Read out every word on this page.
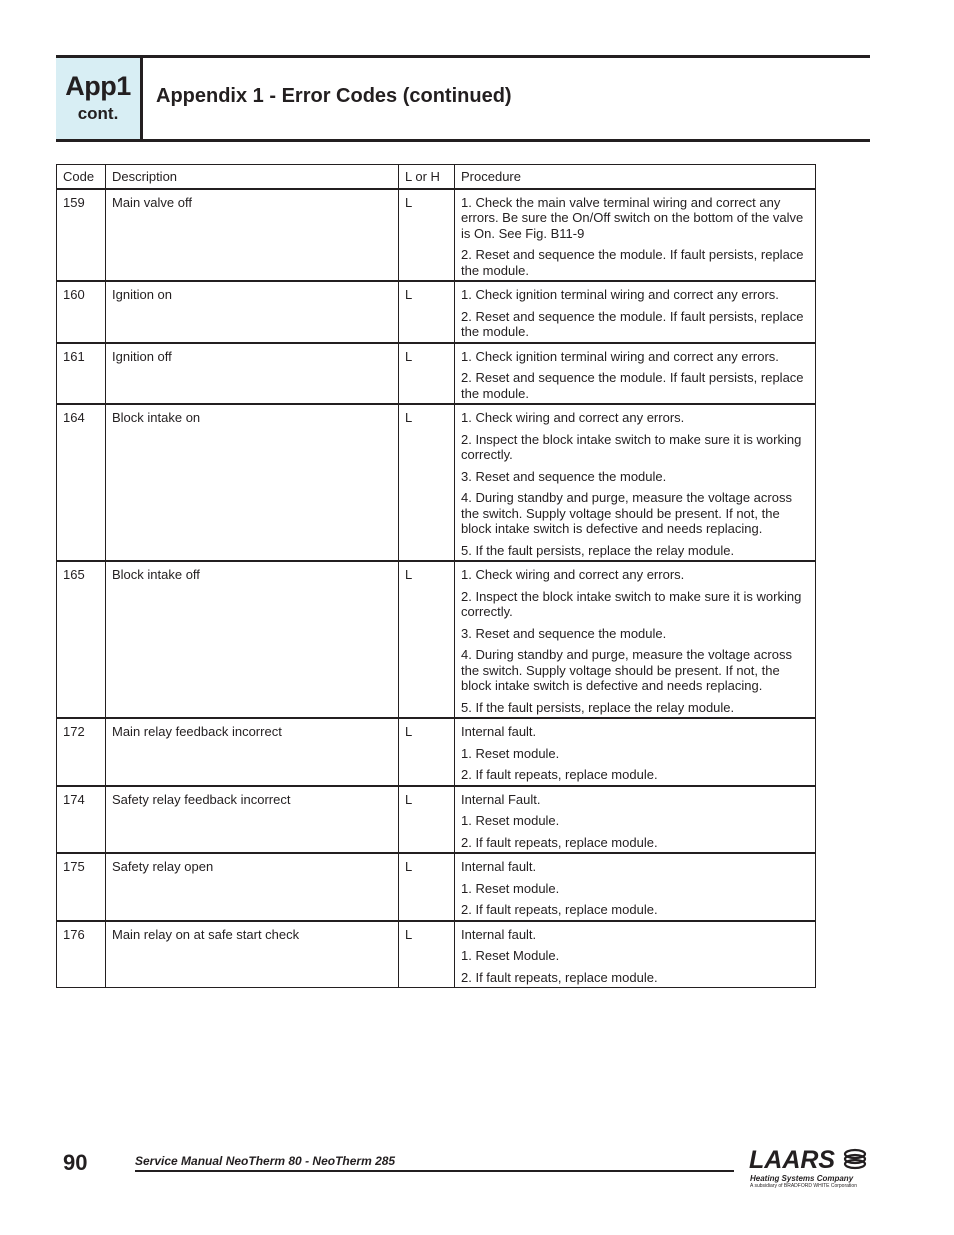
App1
cont.
Appendix 1 - Error Codes (continued)
Code	Description	L or H	Procedure
159	Main valve off	L	1. Check the main valve terminal wiring and correct any errors. Be sure the On/Off switch on the bottom of the valve is On. See Fig. B11-9
2. Reset and sequence the module. If fault persists, replace the module.

160	Ignition on	L	1. Check ignition terminal wiring and correct any errors.
2. Reset and sequence the module. If fault persists, replace the module.

161	Ignition off	L	1. Check ignition terminal wiring and correct any errors.
2. Reset and sequence the module. If fault persists, replace the module.

164	Block intake on	L	1. Check wiring and correct any errors.
2. Inspect the block intake switch to make sure it is working correctly.
3. Reset and sequence the module.
4. During standby and purge, measure the voltage across the switch. Supply voltage should be present. If not, the block intake switch is defective and needs replacing.
5. If the fault persists, replace the relay module.

165	Block intake off	L	1. Check wiring and correct any errors.
2. Inspect the block intake switch to make sure it is working correctly.
3. Reset and sequence the module.
4. During standby and purge, measure the voltage across the switch. Supply voltage should be present. If not, the block intake switch is defective and needs replacing.
5. If the fault persists, replace the relay module.

172	Main relay feedback incorrect	L	Internal fault.
1. Reset module.
2. If fault repeats, replace module.

174	Safety relay feedback incorrect	L	Internal Fault.
1. Reset module.
2. If fault repeats, replace module.

175	Safety relay open	L	Internal fault.
1. Reset module.
2. If fault repeats, replace module.

176	Main relay on at safe start check	L	Internal fault.
1. Reset Module.
2. If fault repeats, replace module.
90	Service Manual NeoTherm 80 - NeoTherm 285	LAARS
Heating Systems Company
A subsidiary of BRADFORD WHITE Corporation
